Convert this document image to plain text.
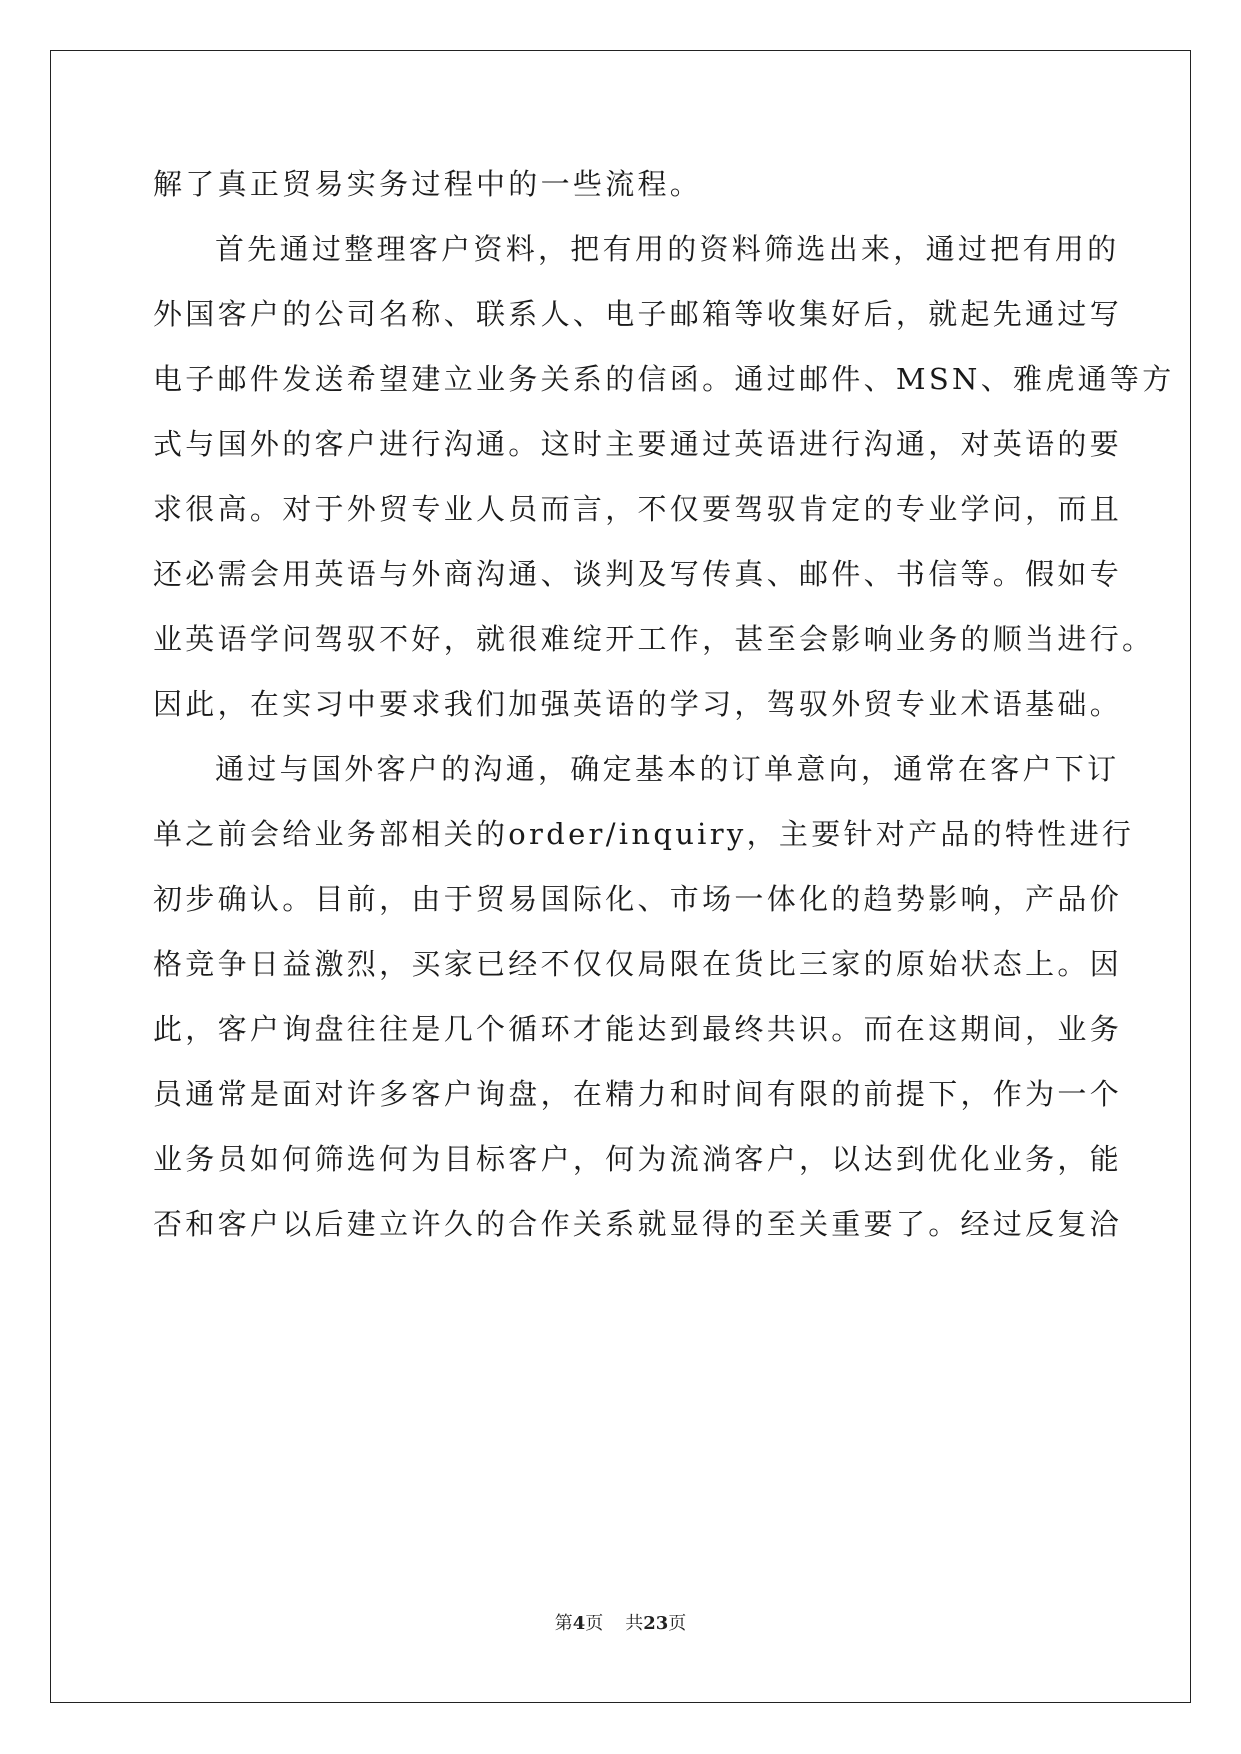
解了真正贸易实务过程中的一些流程。
首先通过整理客户资料，把有用的资料筛选出来，通过把有用的
外国客户的公司名称、联系人、电子邮箱等收集好后，就起先通过写
电子邮件发送希望建立业务关系的信函。通过邮件、MSN、雅虎通等方
式与国外的客户进行沟通。这时主要通过英语进行沟通，对英语的要
求很高。对于外贸专业人员而言，不仅要驾驭肯定的专业学问，而且
还必需会用英语与外商沟通、谈判及写传真、邮件、书信等。假如专
业英语学问驾驭不好，就很难绽开工作，甚至会影响业务的顺当进行。
因此，在实习中要求我们加强英语的学习，驾驭外贸专业术语基础。
通过与国外客户的沟通，确定基本的订单意向，通常在客户下订
单之前会给业务部相关的order/inquiry，主要针对产品的特性进行
初步确认。目前，由于贸易国际化、市场一体化的趋势影响，产品价
格竞争日益激烈，买家已经不仅仅局限在货比三家的原始状态上。因
此，客户询盘往往是几个循环才能达到最终共识。而在这期间，业务
员通常是面对许多客户询盘，在精力和时间有限的前提下，作为一个
业务员如何筛选何为目标客户，何为流淌客户，以达到优化业务，能
否和客户以后建立许久的合作关系就显得的至关重要了。经过反复洽
第4页 共23页
